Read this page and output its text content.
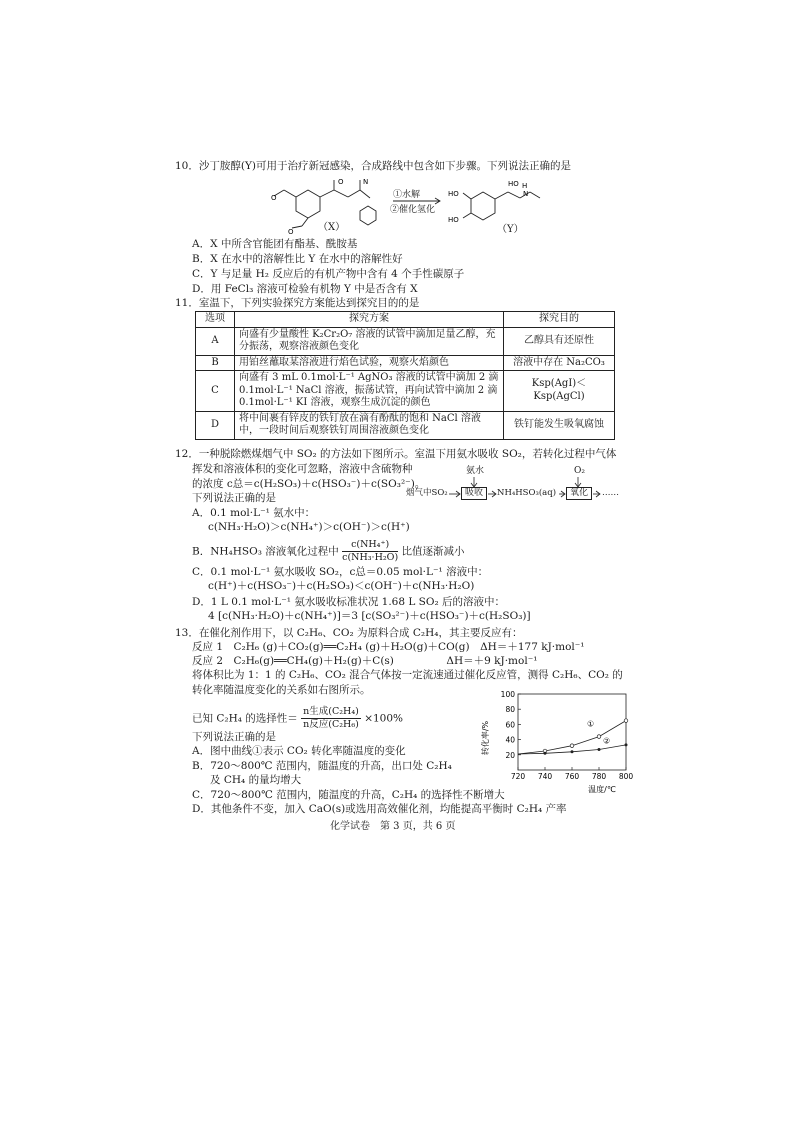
10．沙丁胺醇(Y)可用于治疗新冠感染，合成路线中包含如下步骤。下列说法正确的是
O	N
O
O
HO H
N
HO
HO
①水解
②催化氢化
（X）	（Y）
A．X 中所含官能团有酯基、酰胺基
B．X 在水中的溶解性比 Y 在水中的溶解性好
C．Y 与足量 H₂ 反应后的有机产物中含有 4 个手性碳原子
D．用 FeCl₃ 溶液可检验有机物 Y 中是否含有 X
11．室温下，下列实验探究方案能达到探究目的的是
选项	探究方案	探究目的
A	向盛有少量酸性 K₂Cr₂O₇ 溶液的试管中滴加足量乙醇，充分振荡，观察溶液颜色变化	乙醇具有还原性
B	用铂丝蘸取某溶液进行焰色试验，观察火焰颜色	溶液中存在 Na₂CO₃
C	向盛有 3 mL 0.1mol·L⁻¹ AgNO₃ 溶液的试管中滴加 2 滴 0.1mol·L⁻¹ NaCl 溶液，振荡试管，再向试管中滴加 2 滴 0.1mol·L⁻¹ KI 溶液，观察生成沉淀的颜色	Ksp(AgI)＜Ksp(AgCl)
D	将中间裹有锌皮的铁钉放在滴有酚酞的饱和 NaCl 溶液中，一段时间后观察铁钉周围溶液颜色变化	铁钉能发生吸氧腐蚀
12．一种脱除燃煤烟气中 SO₂ 的方法如下图所示。室温下用氨水吸收 SO₂，若转化过程中气体
挥发和溶液体积的变化可忽略，溶液中含硫物种
的浓度 c总＝c(H₂SO₃)＋c(HSO₃⁻)＋c(SO₃²⁻)。
下列说法正确的是
氨水	O₂
烟气中SO₂	吸收	NH₄HSO₃(aq)	氧化	……
A．0.1 mol·L⁻¹ 氨水中：
c(NH₃·H₂O)＞c(NH₄⁺)＞c(OH⁻)＞c(H⁺)
B．NH₄HSO₃ 溶液氧化过程中 $\frac{\text{c(NH₄⁺)}}{\text{c(NH₃·H₂O)}}$ 比值逐渐减小
C．0.1 mol·L⁻¹ 氨水吸收 SO₂，c总＝0.05 mol·L⁻¹ 溶液中：
c(H⁺)＋c(HSO₃⁻)＋c(H₂SO₃)＜c(OH⁻)＋c(NH₃·H₂O)
D．1 L 0.1 mol·L⁻¹ 氨水吸收标准状况 1.68 L SO₂ 后的溶液中：
4 [c(NH₃·H₂O)＋c(NH₄⁺)]＝3 [c(SO₃²⁻)＋c(HSO₃⁻)＋c(H₂SO₃)]
13．在催化剂作用下，以 C₂H₆、CO₂ 为原料合成 C₂H₄，其主要反应有：
反应 1　C₂H₆ (g)＋CO₂(g)══C₂H₄ (g)＋H₂O(g)＋CO(g)　ΔH＝＋177 kJ·mol⁻¹
反应 2　C₂H₆(g)══CH₄(g)＋H₂(g)＋C(s)　　　　　ΔH＝＋9 kJ·mol⁻¹
将体积比为 1：1 的 C₂H₆、CO₂ 混合气体按一定流速通过催化反应管，测得 C₂H₆、CO₂ 的
转化率随温度变化的关系如右图所示。
已知 C₂H₄ 的选择性＝ $\frac{\text{n生成(C₂H₄)}}{\text{n反应(C₂H₆)}} \times 100\%$
下列说法正确的是
A．图中曲线①表示 CO₂ 转化率随温度的变化
B．720～800℃ 范围内，随温度的升高，出口处 C₂H₄
及 CH₄ 的量均增大
C．720～800℃ 范围内，随温度的升高，C₂H₄ 的选择性不断增大
D．其他条件不变，加入 CaO(s)或选用高效催化剂，均能提高平衡时 C₂H₄ 产率
转化率/%
温度/℃
20
40
60
80
100
720 740 760 780 800
①
②
化学试卷　第 3 页，共 6 页
